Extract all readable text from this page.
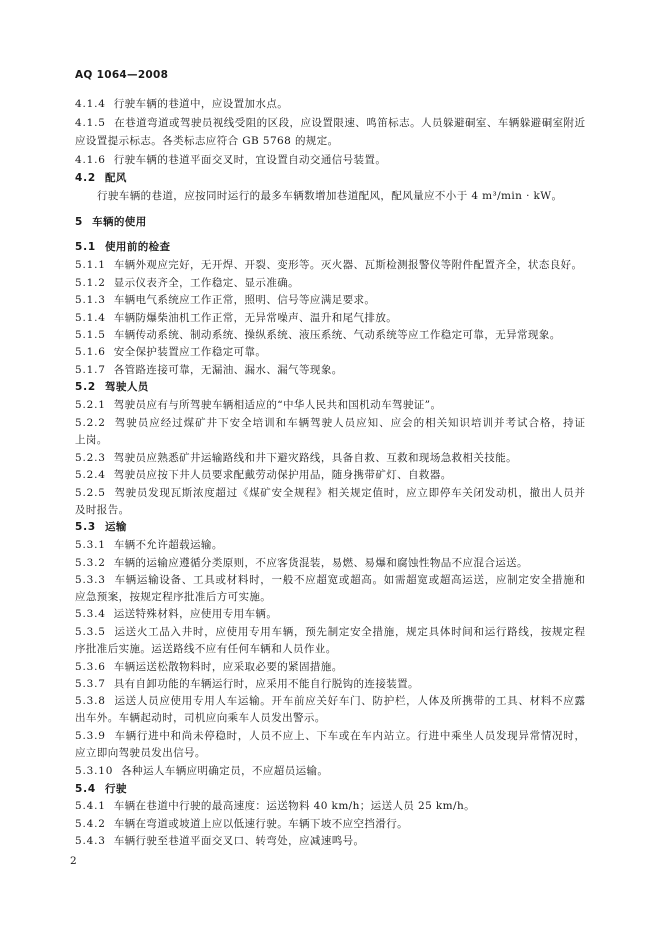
AQ 1064—2008
4.1.4 行驶车辆的巷道中，应设置加水点。
4.1.5 在巷道弯道或驾驶员视线受阻的区段，应设置限速、鸣笛标志。人员躲避硐室、车辆躲避硐室附近
应设置提示标志。各类标志应符合 GB 5768 的规定。
4.1.6 行驶车辆的巷道平面交叉时，宜设置自动交通信号装置。
4.2 配风
行驶车辆的巷道，应按同时运行的最多车辆数增加巷道配风，配风量应不小于 4 m³/min · kW。
5 车辆的使用
5.1 使用前的检查
5.1.1 车辆外观应完好，无开焊、开裂、变形等。灭火器、瓦斯检测报警仪等附件配置齐全，状态良好。
5.1.2 显示仪表齐全，工作稳定、显示准确。
5.1.3 车辆电气系统应工作正常，照明、信号等应满足要求。
5.1.4 车辆防爆柴油机工作正常，无异常噪声、温升和尾气排放。
5.1.5 车辆传动系统、制动系统、操纵系统、液压系统、气动系统等应工作稳定可靠，无异常现象。
5.1.6 安全保护装置应工作稳定可靠。
5.1.7 各管路连接可靠，无漏油、漏水、漏气等现象。
5.2 驾驶人员
5.2.1 驾驶员应有与所驾驶车辆相适应的“中华人民共和国机动车驾驶证”。
5.2.2 驾驶员应经过煤矿井下安全培训和车辆驾驶人员应知、应会的相关知识培训并考试合格，持证
上岗。
5.2.3 驾驶员应熟悉矿井运输路线和井下避灾路线，具备自救、互救和现场急救相关技能。
5.2.4 驾驶员应按下井人员要求配戴劳动保护用品，随身携带矿灯、自救器。
5.2.5 驾驶员发现瓦斯浓度超过《煤矿安全规程》相关规定值时，应立即停车关闭发动机，撤出人员并
及时报告。
5.3 运输
5.3.1 车辆不允许超载运输。
5.3.2 车辆的运输应遵循分类原则，不应客货混装，易燃、易爆和腐蚀性物品不应混合运送。
5.3.3 车辆运输设备、工具或材料时，一般不应超宽或超高。如需超宽或超高运送，应制定安全措施和
应急预案，按规定程序批准后方可实施。
5.3.4 运送特殊材料，应使用专用车辆。
5.3.5 运送火工品入井时，应使用专用车辆，预先制定安全措施，规定具体时间和运行路线，按规定程
序批准后实施。运送路线不应有任何车辆和人员作业。
5.3.6 车辆运送松散物料时，应采取必要的紧固措施。
5.3.7 具有自卸功能的车辆运行时，应采用不能自行脱钩的连接装置。
5.3.8 运送人员应使用专用人车运输。开车前应关好车门、防护栏，人体及所携带的工具、材料不应露
出车外。车辆起动时，司机应向乘车人员发出警示。
5.3.9 车辆行进中和尚未停稳时，人员不应上、下车或在车内站立。行进中乘坐人员发现异常情况时，
应立即向驾驶员发出信号。
5.3.10 各种运人车辆应明确定员，不应超员运输。
5.4 行驶
5.4.1 车辆在巷道中行驶的最高速度：运送物料 40 km/h；运送人员 25 km/h。
5.4.2 车辆在弯道或坡道上应以低速行驶。车辆下坡不应空挡滑行。
5.4.3 车辆行驶至巷道平面交叉口、转弯处，应减速鸣号。
2
